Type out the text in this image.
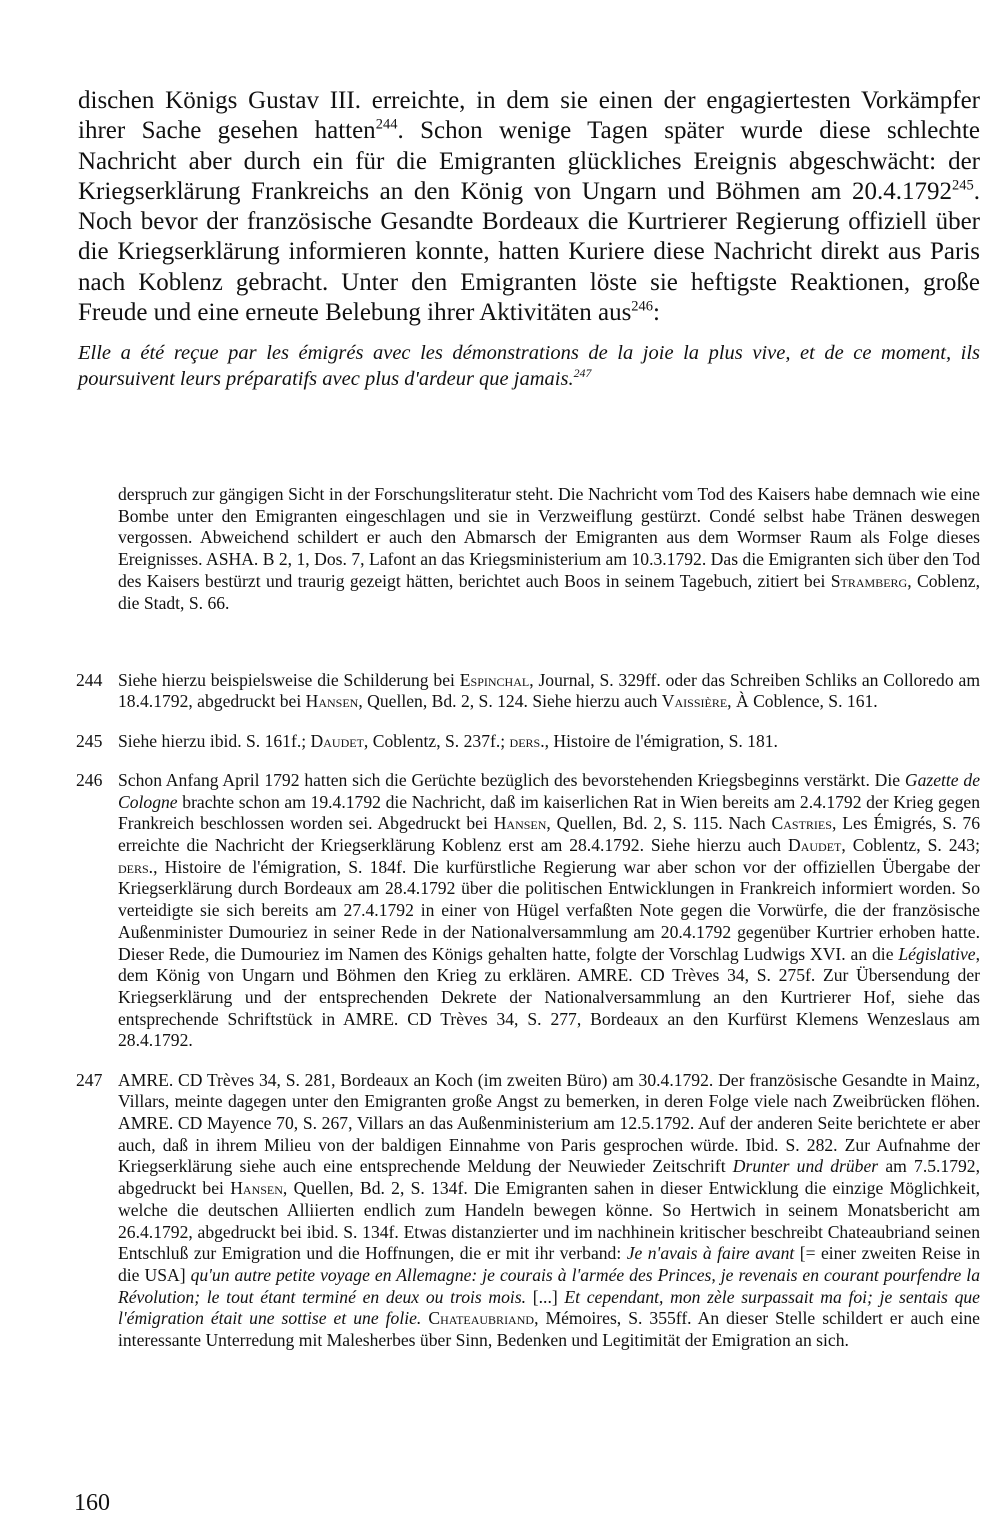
dischen Königs Gustav III. erreichte, in dem sie einen der engagiertesten Vorkämpfer ihrer Sache gesehen hatten$^{244}$. Schon wenige Tagen später wurde diese schlechte Nachricht aber durch ein für die Emigranten glückliches Ereignis abgeschwächt: der Kriegserklärung Frankreichs an den König von Ungarn und Böhmen am 20.4.1792$^{245}$. Noch bevor der französische Gesandte Bordeaux die Kurtrierer Regierung offiziell über die Kriegserklärung informieren konnte, hatten Kuriere diese Nachricht direkt aus Paris nach Koblenz gebracht. Unter den Emigranten löste sie heftigste Reaktionen, große Freude und eine erneute Belebung ihrer Aktivitäten aus$^{246}$:

Elle a été reçue par les émigrés avec les démonstrations de la joie la plus vive, et de ce moment, ils poursuivent leurs préparatifs avec plus d'ardeur que jamais.$^{247}$

derspruch zur gängigen Sicht in der Forschungsliteratur steht. Die Nachricht vom Tod des Kaisers habe demnach wie eine Bombe unter den Emigranten eingeschlagen und sie in Verzweiflung gestürzt. Condé selbst habe Tränen deswegen vergossen. Abweichend schildert er auch den Abmarsch der Emigranten aus dem Wormser Raum als Folge dieses Ereignisses. ASHA. B 2, 1, Dos. 7, Lafont an das Kriegsministerium am 10.3.1792. Das die Emigranten sich über den Tod des Kaisers bestürzt und traurig gezeigt hätten, berichtet auch Boos in seinem Tagebuch, zitiert bei Stramberg, Coblenz, die Stadt, S. 66.

244 Siehe hierzu beispielsweise die Schilderung bei Espinchal, Journal, S. 329ff. oder das Schreiben Schliks an Colloredo am 18.4.1792, abgedruckt bei Hansen, Quellen, Bd. 2, S. 124. Siehe hierzu auch Vaissière, À Coblence, S. 161.

245 Siehe hierzu ibid. S. 161f.; Daudet, Coblentz, S. 237f.; ders., Histoire de l'émigration, S. 181.

246 Schon Anfang April 1792 hatten sich die Gerüchte bezüglich des bevorstehenden Kriegsbeginns verstärkt. Die Gazette de Cologne brachte schon am 19.4.1792 die Nachricht, daß im kaiserlichen Rat in Wien bereits am 2.4.1792 der Krieg gegen Frankreich beschlossen worden sei. Abgedruckt bei Hansen, Quellen, Bd. 2, S. 115. Nach Castries, Les Émigrés, S. 76 erreichte die Nachricht der Kriegserklärung Koblenz erst am 28.4.1792. Siehe hierzu auch Daudet, Coblentz, S. 243; ders., Histoire de l'émigration, S. 184f. Die kurfürstliche Regierung war aber schon vor der offiziellen Übergabe der Kriegserklärung durch Bordeaux am 28.4.1792 über die politischen Entwicklungen in Frankreich informiert worden. So verteidigte sie sich bereits am 27.4.1792 in einer von Hügel verfaßten Note gegen die Vorwürfe, die der französische Außenminister Dumouriez in seiner Rede in der Nationalversammlung am 20.4.1792 gegenüber Kurtrier erhoben hatte. Dieser Rede, die Dumouriez im Namen des Königs gehalten hatte, folgte der Vorschlag Ludwigs XVI. an die Législative, dem König von Ungarn und Böhmen den Krieg zu erklären. AMRE. CD Trèves 34, S. 275f. Zur Übersendung der Kriegserklärung und der entsprechenden Dekrete der Nationalversammlung an den Kurtrierer Hof, siehe das entsprechende Schriftstück in AMRE. CD Trèves 34, S. 277, Bordeaux an den Kurfürst Klemens Wenzeslaus am 28.4.1792.

247 AMRE. CD Trèves 34, S. 281, Bordeaux an Koch (im zweiten Büro) am 30.4.1792. Der französische Gesandte in Mainz, Villars, meinte dagegen unter den Emigranten große Angst zu bemerken, in deren Folge viele nach Zweibrücken flöhen. AMRE. CD Mayence 70, S. 267, Villars an das Außenministerium am 12.5.1792. Auf der anderen Seite berichtete er aber auch, daß in ihrem Milieu von der baldigen Einnahme von Paris gesprochen würde. Ibid. S. 282. Zur Aufnahme der Kriegserklärung siehe auch eine entsprechende Meldung der Neuwieder Zeitschrift Drunter und drüber am 7.5.1792, abgedruckt bei Hansen, Quellen, Bd. 2, S. 134f. Die Emigranten sahen in dieser Entwicklung die einzige Möglichkeit, welche die deutschen Alliierten endlich zum Handeln bewegen könne. So Hertwich in seinem Monatsbericht am 26.4.1792, abgedruckt bei ibid. S. 134f. Etwas distanzierter und im nachhinein kritischer beschreibt Chateaubriand seinen Entschluß zur Emigration und die Hoffnungen, die er mit ihr verband: Je n'avais à faire avant [= einer zweiten Reise in die USA] qu'un autre petite voyage en Allemagne: je courais à l'armée des Princes, je revenais en courant pourfendre la Révolution; le tout étant terminé en deux ou trois mois. [...] Et cependant, mon zèle surpassait ma foi; je sentais que l'émigration était une sottise et une folie. Chateaubriand, Mémoires, S. 355ff. An dieser Stelle schildert er auch eine interessante Unterredung mit Malesherbes über Sinn, Bedenken und Legitimität der Emigration an sich.

160
